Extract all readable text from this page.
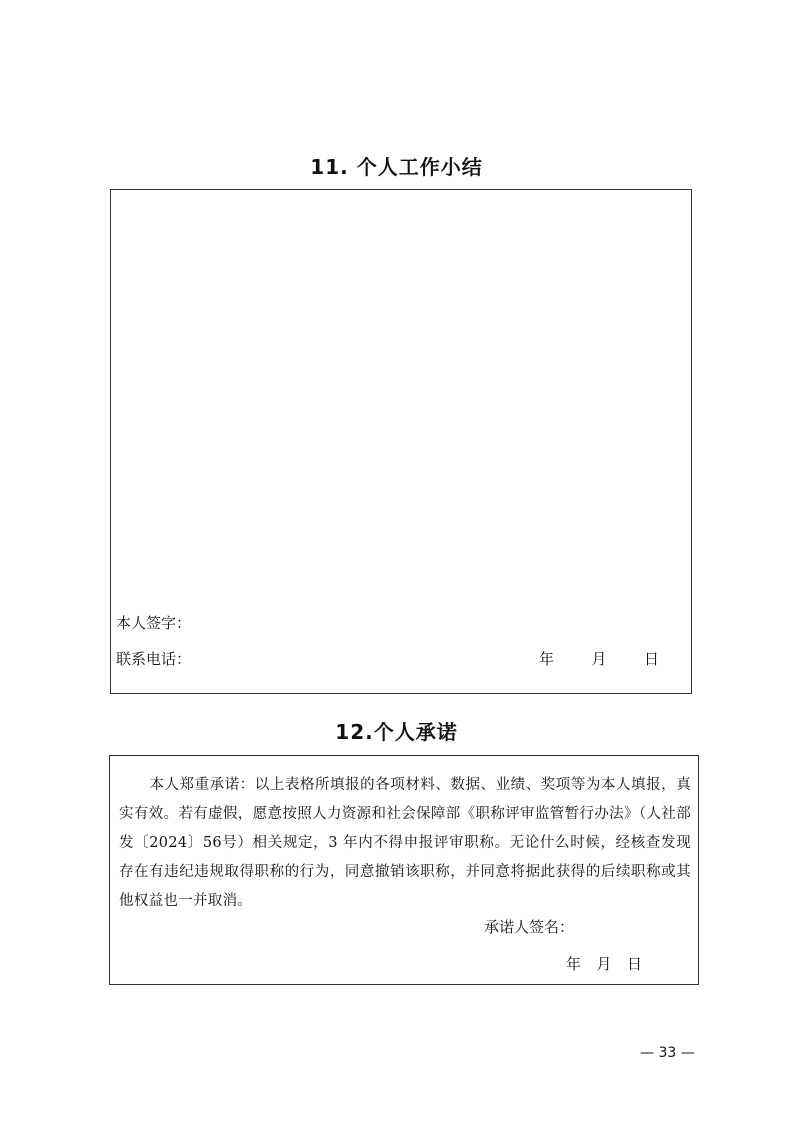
11. 个人工作小结
本人签字：
联系电话：	年 月 日
12.个人承诺

本人郑重承诺：以上表格所填报的各项材料、数据、业绩、奖项等为本人填报，真实有效。若有虚假，愿意按照人力资源和社会保障部《职称评审监管暂行办法》（人社部发〔2024〕56号）相关规定，3 年内不得申报评审职称。无论什么时候，经核查发现存在有违纪违规取得职称的行为，同意撤销该职称，并同意将据此获得的后续职称或其他权益也一并取消。

承诺人签名：
年 月 日
— 33 —
